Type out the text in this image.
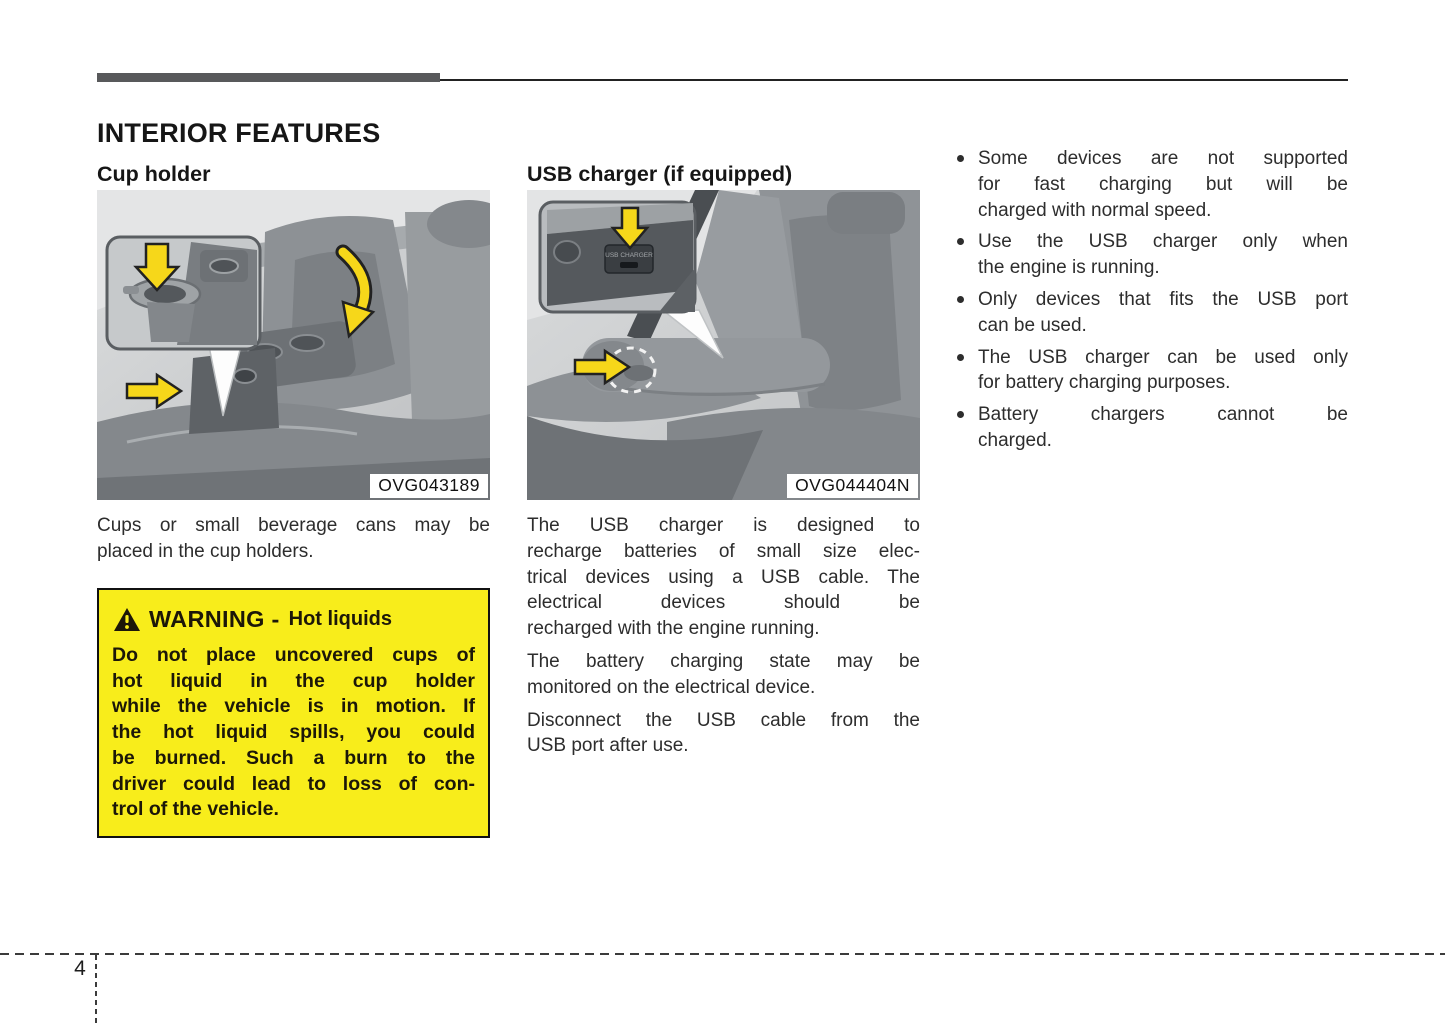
INTERIOR FEATURES
Cup holder	USB charger (if equipped)
OVG043189
USB CHARGER
OVG044404N
Cups or small beverage cans may be
placed in the cup holders.
WARNING - Hot liquids
Do not place uncovered cups of
hot liquid in the cup holder
while the vehicle is in motion. If
the hot liquid spills, you could
be burned. Such a burn to the
driver could lead to loss of con-
trol of the vehicle.
The USB charger is designed to
recharge batteries of small size elec-
trical devices using a USB cable. The
electrical devices should be
recharged with the engine running.
The battery charging state may be
monitored on the electrical device.
Disconnect the USB cable from the
USB port after use.
Some devices are not supported
for fast charging but will be
charged with normal speed.
Use the USB charger only when
the engine is running.
Only devices that fits the USB port
can be used.
The USB charger can be used only
for battery charging purposes.
Battery chargers cannot be
charged.
4
